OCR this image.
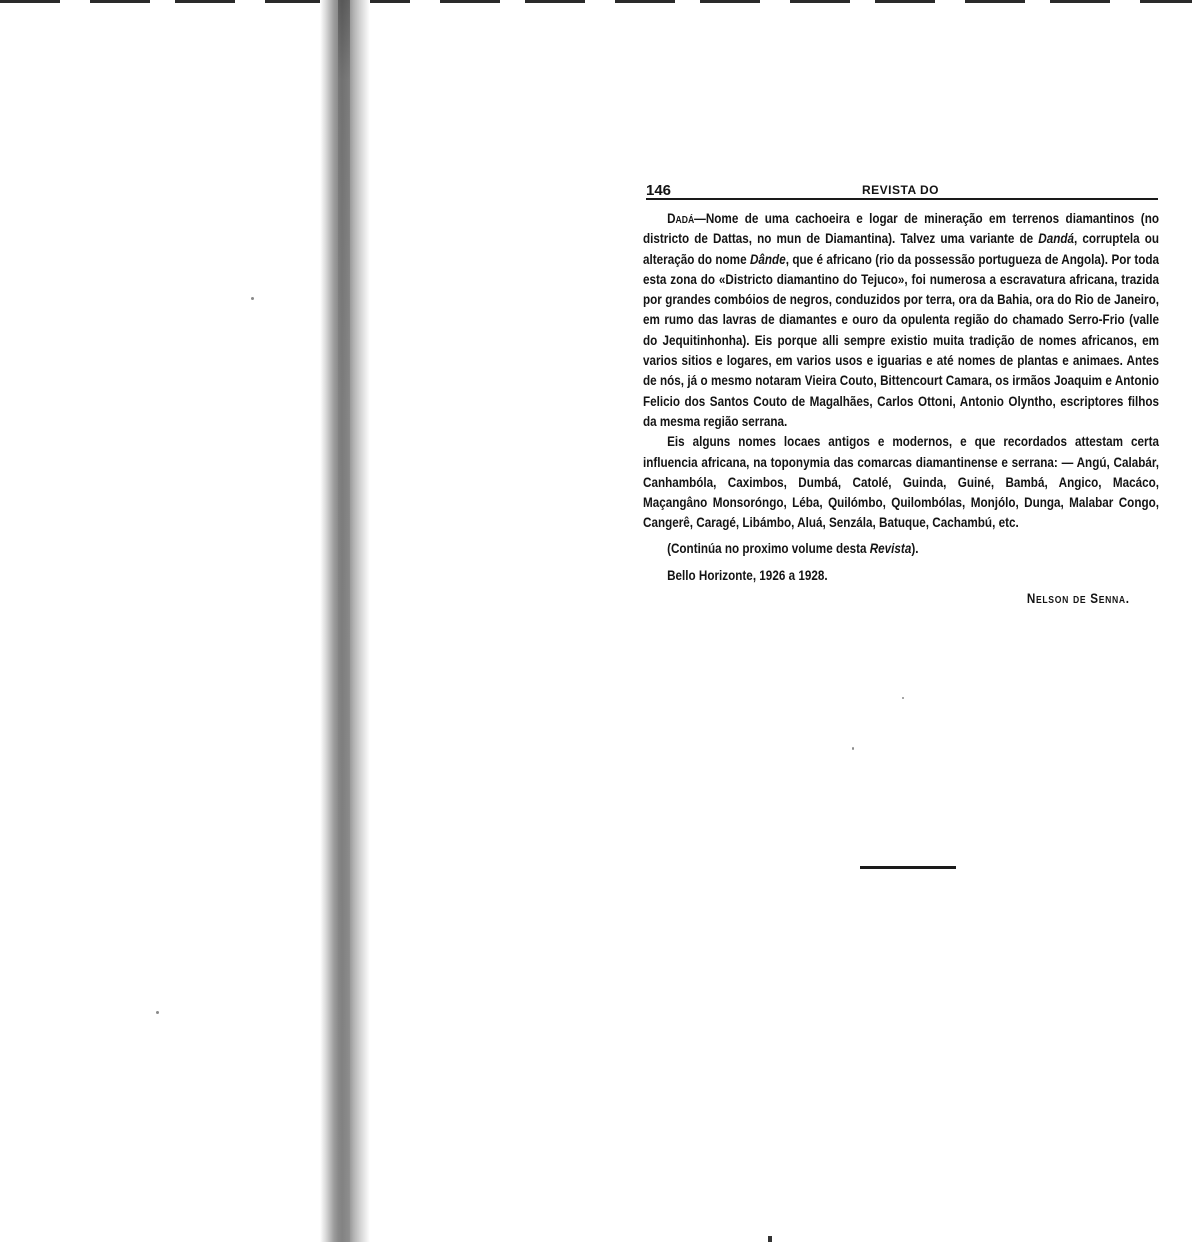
146	REVISTA DO

Dadá—Nome de uma cachoeira e logar de mineração em terrenos diamantinos (no districto de Dattas, no mun de Diamantina). Talvez uma variante de Dandá, corruptela ou alteração do nome Dânde, que é africano (rio da possessão portugueza de Angola). Por toda esta zona do «Districto diamantino do Tejuco», foi numerosa a escravatura africana, trazida por grandes combóios de negros, conduzidos por terra, ora da Bahia, ora do Rio de Janeiro, em rumo das lavras de diamantes e ouro da opulenta região do chamado Serro-Frio (valle do Jequitinhonha). Eis porque alli sempre existio muita tradição de nomes africanos, em varios sitios e logares, em varios usos e iguarias e até nomes de plantas e animaes. Antes de nós, já o mesmo notaram Vieira Couto, Bittencourt Camara, os irmãos Joaquim e Antonio Felicio dos Santos Couto de Magalhães, Carlos Ottoni, Antonio Olyntho, escriptores filhos da mesma região serrana.

Eis alguns nomes locaes antigos e modernos, e que recordados attestam certa influencia africana, na toponymia das comarcas diamantinense e serrana: — Angú, Calabár, Canhambóla, Caximbos, Dumbá, Catolé, Guinda, Guiné, Bambá, Angico, Macáco, Maçangâno Monsoróngo, Léba, Quilómbo, Quilombólas, Monjólo, Dunga, Malabar Congo, Cangerê, Caragé, Libámbo, Aluá, Senzála, Batuque, Cachambú, etc.

(Continúa no proximo volume desta Revista).

Bello Horizonte, 1926 a 1928.

Nelson de Senna.
